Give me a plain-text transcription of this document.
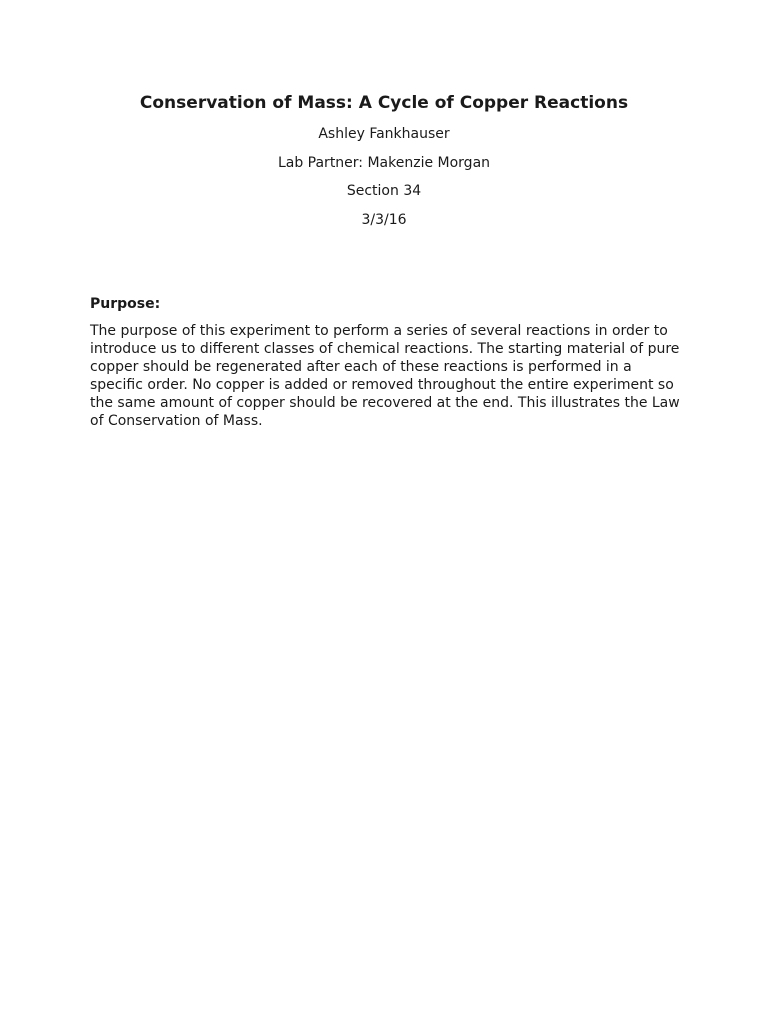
Conservation of Mass: A Cycle of Copper Reactions
Ashley Fankhauser
Lab Partner: Makenzie Morgan
Section 34
3/3/16
Purpose:

The purpose of this experiment to perform a series of several reactions in order to
introduce us to different classes of chemical reactions. The starting material of pure
copper should be regenerated after each of these reactions is performed in a
specific order. No copper is added or removed throughout the entire experiment so
the same amount of copper should be recovered at the end. This illustrates the Law
of Conservation of Mass.
